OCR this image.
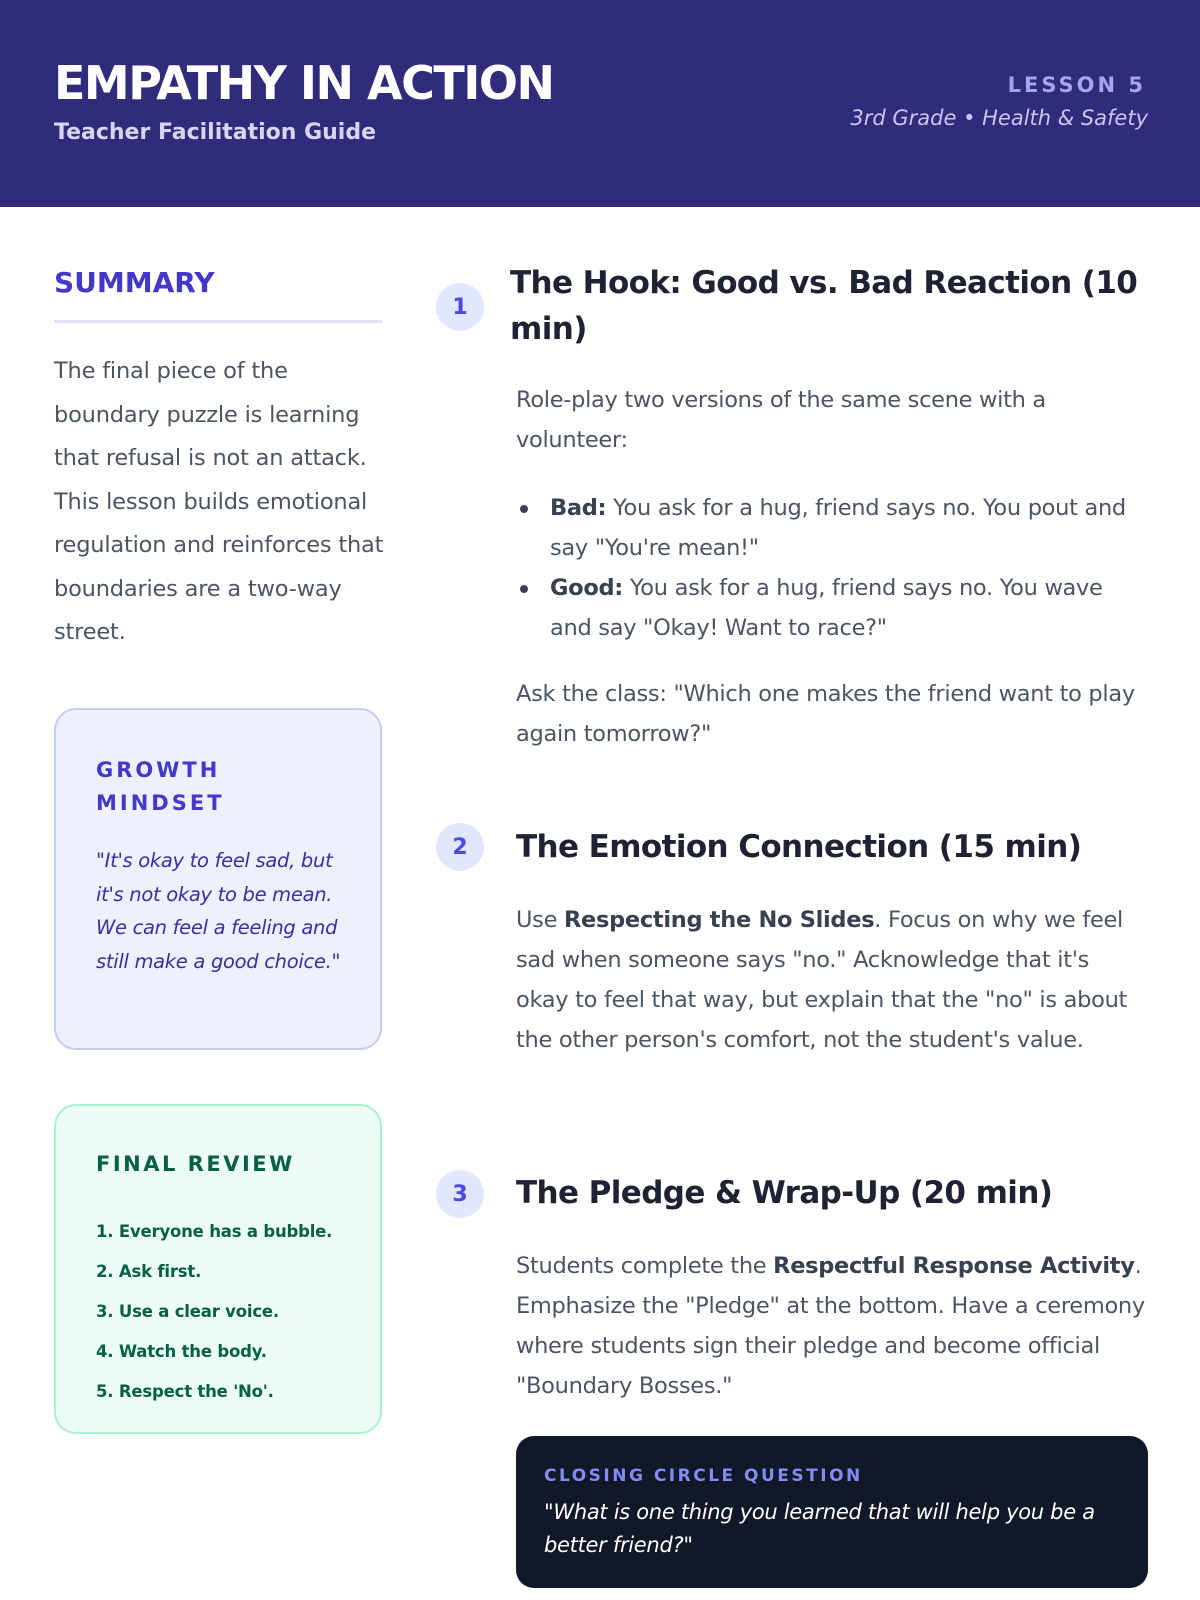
EMPATHY IN ACTION
Teacher Facilitation Guide
LESSON 5
3rd Grade • Health & Safety
SUMMARY
The final piece of the boundary puzzle is learning that refusal is not an attack. This lesson builds emotional regulation and reinforces that boundaries are a two-way street.
GROWTH MINDSET
"It's okay to feel sad, but it's not okay to be mean. We can feel a feeling and still make a good choice."
FINAL REVIEW
1. Everyone has a bubble.
2. Ask first.
3. Use a clear voice.
4. Watch the body.
5. Respect the 'No'.
1
The Hook: Good vs. Bad Reaction (10 min)
Role-play two versions of the same scene with a volunteer:
Bad: You ask for a hug, friend says no. You pout and say "You're mean!"
Good: You ask for a hug, friend says no. You wave and say "Okay! Want to race?"
Ask the class: "Which one makes the friend want to play again tomorrow?"
2	The Emotion Connection (15 min)
Use Respecting the No Slides. Focus on why we feel sad when someone says "no." Acknowledge that it's okay to feel that way, but explain that the "no" is about the other person's comfort, not the student's value.
3	The Pledge & Wrap-Up (20 min)
Students complete the Respectful Response Activity. Emphasize the "Pledge" at the bottom. Have a ceremony where students sign their pledge and become official "Boundary Bosses."
CLOSING CIRCLE QUESTION
"What is one thing you learned that will help you be a better friend?"
